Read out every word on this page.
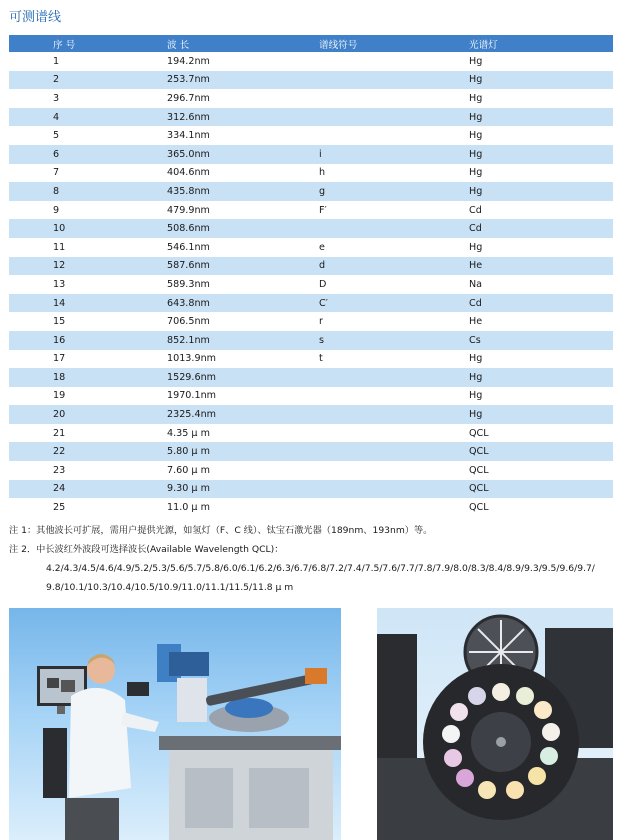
可测谱线
序 号	波 长	谱线符号	光谱灯
1	194.2nm		Hg
2	253.7nm		Hg
3	296.7nm		Hg
4	312.6nm		Hg
5	334.1nm		Hg
6	365.0nm	i	Hg
7	404.6nm	h	Hg
8	435.8nm	g	Hg
9	479.9nm	F′	Cd
10	508.6nm		Cd
11	546.1nm	e	Hg
12	587.6nm	d	He
13	589.3nm	D	Na
14	643.8nm	C′	Cd
15	706.5nm	r	He
16	852.1nm	s	Cs
17	1013.9nm	t	Hg
18	1529.6nm		Hg
19	1970.1nm		Hg
20	2325.4nm		Hg
21	4.35 μ m		QCL
22	5.80 μ m		QCL
23	7.60 μ m		QCL
24	9.30 μ m		QCL
25	11.0 μ m		QCL
注 1：其他波长可扩展，需用户提供光源，如氢灯（F、C 线）、钛宝石激光器（189nm、193nm）等。
注 2．中长波红外波段可选择波长(Available Wavelength QCL)：
4.2/4.3/4.5/4.6/4.9/5.2/5.3/5.6/5.7/5.8/6.0/6.1/6.2/6.3/6.7/6.8/7.2/7.4/7.5/7.6/7.7/7.8/7.9/8.0/8.3/8.4/8.9/9.3/9.5/9.6/9.7/
9.8/10.1/10.3/10.4/10.5/10.9/11.0/11.1/11.5/11.8 μ m
